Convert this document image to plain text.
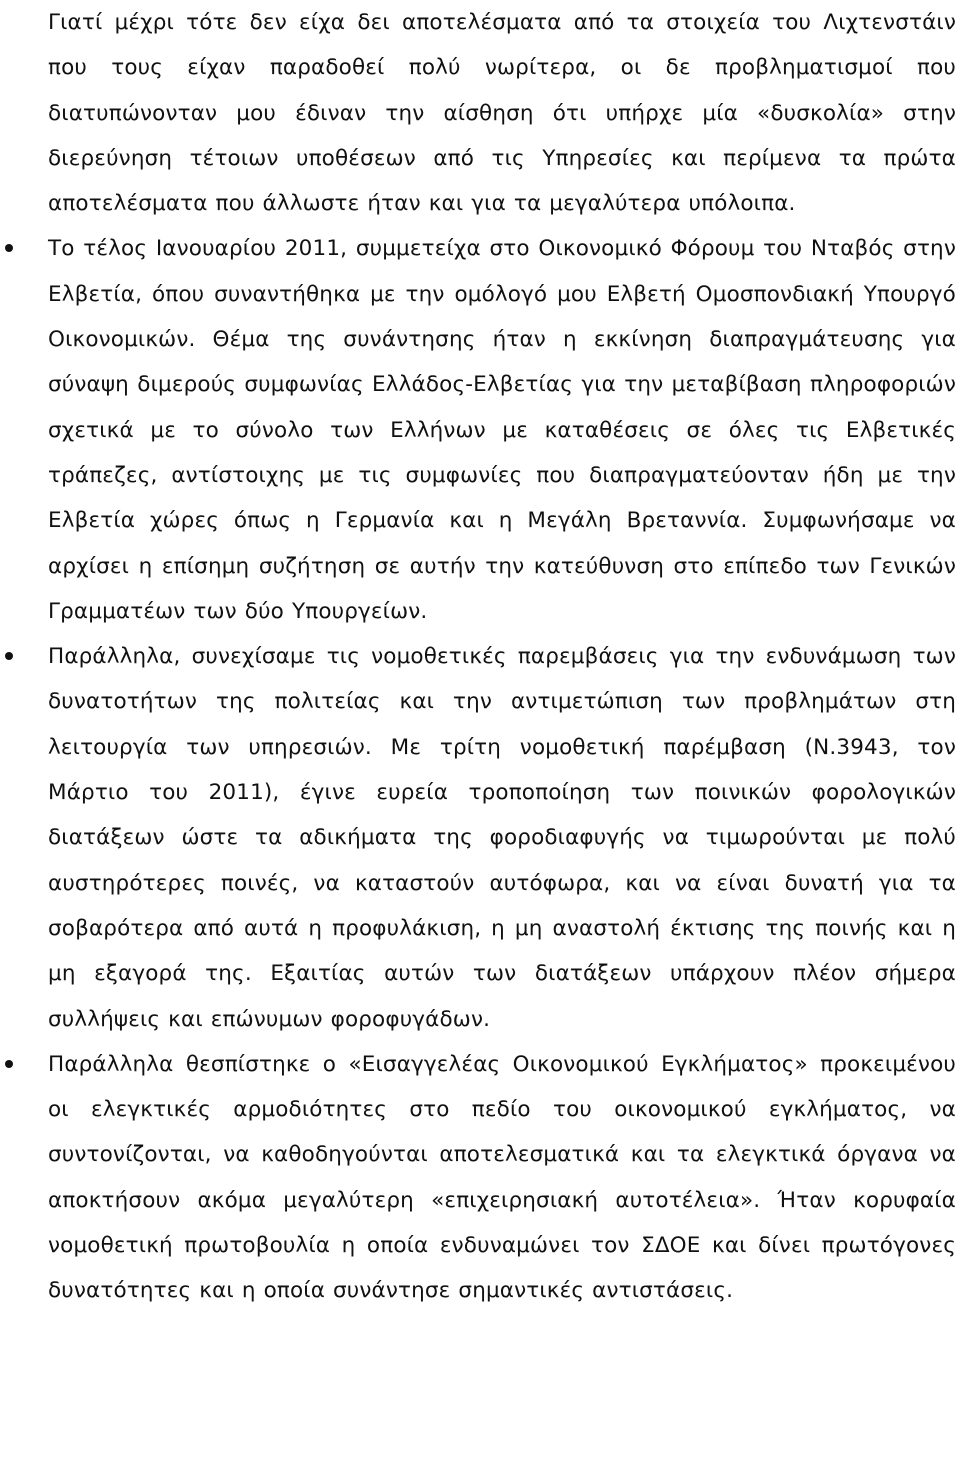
Γιατί μέχρι τότε δεν είχα δει αποτελέσματα από τα στοιχεία του Λιχτενστάιν που τους είχαν παραδοθεί πολύ νωρίτερα, οι δε προβληματισμοί που διατυπώνονταν μου έδιναν την αίσθηση ότι υπήρχε μία «δυσκολία» στην διερεύνηση τέτοιων υποθέσεων από τις Υπηρεσίες και περίμενα τα πρώτα αποτελέσματα που άλλωστε ήταν και για τα μεγαλύτερα υπόλοιπα.

Το τέλος Ιανουαρίου 2011, συμμετείχα στο Οικονομικό Φόρουμ του Νταβός στην Ελβετία, όπου συναντήθηκα με την ομόλογό μου Ελβετή Ομοσπονδιακή Υπουργό Οικονομικών. Θέμα της συνάντησης ήταν η εκκίνηση διαπραγμάτευσης για σύναψη διμερούς συμφωνίας Ελλάδος-Ελβετίας για την μεταβίβαση πληροφοριών σχετικά με το σύνολο των Ελλήνων με καταθέσεις σε όλες τις Ελβετικές τράπεζες, αντίστοιχης με τις συμφωνίες που διαπραγματεύονταν ήδη με την Ελβετία χώρες όπως η Γερμανία και η Μεγάλη Βρεταννία. Συμφωνήσαμε να αρχίσει η επίσημη συζήτηση σε αυτήν την κατεύθυνση στο επίπεδο των Γενικών Γραμματέων των δύο Υπουργείων.
Παράλληλα, συνεχίσαμε τις νομοθετικές παρεμβάσεις για την ενδυνάμωση των δυνατοτήτων της πολιτείας και την αντιμετώπιση των προβλημάτων στη λειτουργία των υπηρεσιών. Με τρίτη νομοθετική παρέμβαση (Ν.3943, τον Μάρτιο του 2011), έγινε ευρεία τροποποίηση των ποινικών φορολογικών διατάξεων ώστε τα αδικήματα της φοροδιαφυγής να τιμωρούνται με πολύ αυστηρότερες ποινές, να καταστούν αυτόφωρα, και να είναι δυνατή για τα σοβαρότερα από αυτά η προφυλάκιση, η μη αναστολή έκτισης της ποινής και η μη εξαγορά της. Εξαιτίας αυτών των διατάξεων υπάρχουν πλέον σήμερα συλλήψεις και επώνυμων φοροφυγάδων.
Παράλληλα θεσπίστηκε ο «Εισαγγελέας Οικονομικού Εγκλήματος» προκειμένου οι ελεγκτικές αρμοδιότητες στο πεδίο του οικονομικού εγκλήματος, να συντονίζονται, να καθοδηγούνται αποτελεσματικά και τα ελεγκτικά όργανα να αποκτήσουν ακόμα μεγαλύτερη «επιχειρησιακή αυτοτέλεια». Ήταν κορυφαία νομοθετική πρωτοβουλία η οποία ενδυναμώνει τον ΣΔΟΕ και δίνει πρωτόγονες δυνατότητες και η οποία συνάντησε σημαντικές αντιστάσεις.
